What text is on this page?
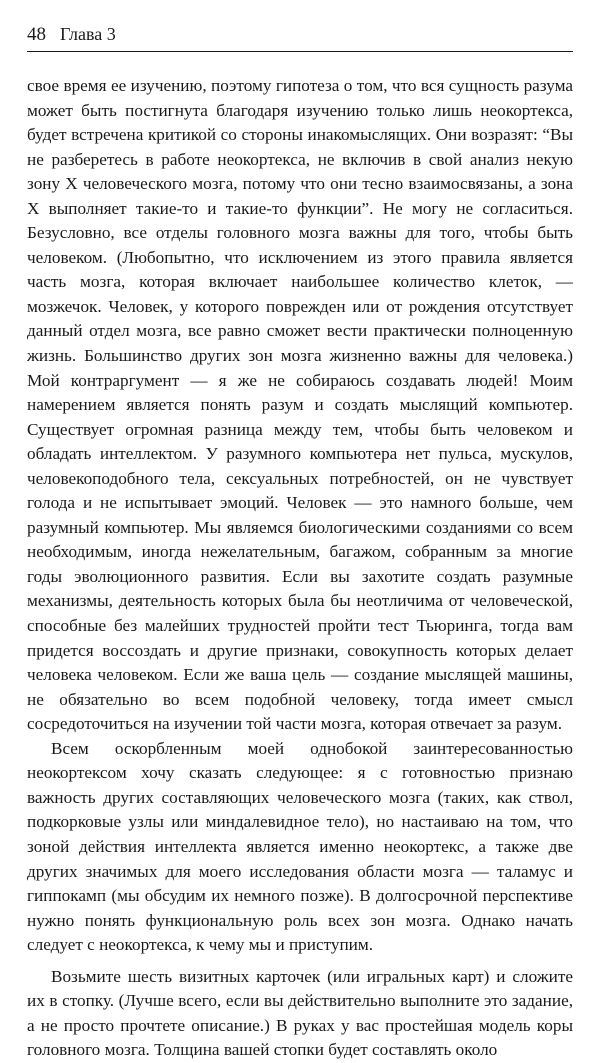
48 Глава 3

свое время ее изучению, поэтому гипотеза о том, что вся сущность разума может быть постигнута благодаря изучению только лишь неокортекса, будет встречена критикой со стороны инакомыслящих. Они возразят: “Вы не разберетесь в работе неокортекса, не включив в свой анализ некую зону X человеческого мозга, потому что они тесно взаимосвязаны, а зона X выполняет такие-то и такие-то функции”. Не могу не согласиться. Безусловно, все отделы головного мозга важны для того, чтобы быть человеком. (Любопытно, что исключением из этого правила является часть мозга, которая включает наибольшее количество клеток, — мозжечок. Человек, у которого поврежден или от рождения отсутствует данный отдел мозга, все равно сможет вести практически полноценную жизнь. Большинство других зон мозга жизненно важны для человека.) Мой контраргумент — я же не собираюсь создавать людей! Моим намерением является понять разум и создать мыслящий компьютер. Существует огромная разница между тем, чтобы быть человеком и обладать интеллектом. У разумного компьютера нет пульса, мускулов, человекоподобного тела, сексуальных потребностей, он не чувствует голода и не испытывает эмоций. Человек — это намного больше, чем разумный компьютер. Мы являемся биологическими созданиями со всем необходимым, иногда нежелательным, багажом, собранным за многие годы эволюционного развития. Если вы захотите создать разумные механизмы, деятельность которых была бы неотличима от человеческой, способные без малейших трудностей пройти тест Тьюринга, тогда вам придется воссоздать и другие признаки, совокупность которых делает человека человеком. Если же ваша цель — создание мыслящей машины, не обязательно во всем подобной человеку, тогда имеет смысл сосредоточиться на изучении той части мозга, которая отвечает за разум.

Всем оскорбленным моей однобокой заинтересованностью неокортексом хочу сказать следующее: я с готовностью признаю важность других составляющих человеческого мозга (таких, как ствол, подкорковые узлы или миндалевидное тело), но настаиваю на том, что зоной действия интеллекта является именно неокортекс, а также две других значимых для моего исследования области мозга — таламус и гиппокамп (мы обсудим их немного позже). В долгосрочной перспективе нужно понять функциональную роль всех зон мозга. Однако начать следует с неокортекса, к чему мы и приступим.

Возьмите шесть визитных карточек (или игральных карт) и сложите их в стопку. (Лучше всего, если вы действительно выполните это задание, а не просто прочтете описание.) В руках у вас простейшая модель коры головного мозга. Толщина вашей стопки будет составлять около
